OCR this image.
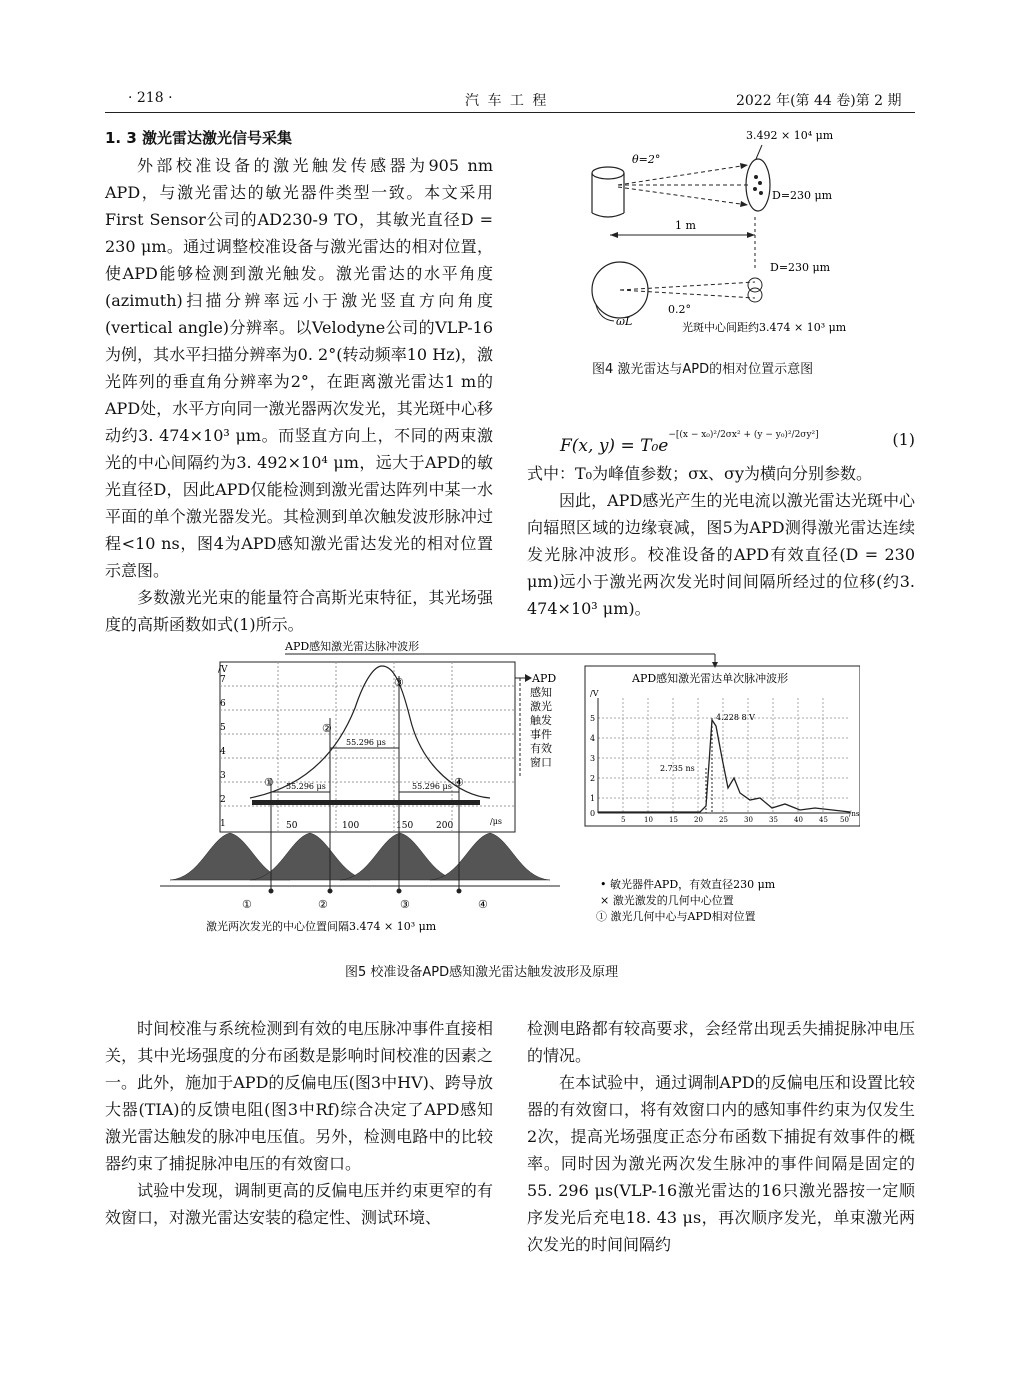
· 218 ·	汽 车 工 程	2022 年(第 44 卷)第 2 期
1. 3 激光雷达激光信号采集

外部校准设备的激光触发传感器为905 nm APD，与激光雷达的敏光器件类型一致。本文采用First Sensor公司的AD230-9 TO，其敏光直径D = 230 μm。通过调整校准设备与激光雷达的相对位置，使APD能够检测到激光触发。激光雷达的水平角度(azimuth)扫描分辨率远小于激光竖直方向角度(vertical angle)分辨率。以Velodyne公司的VLP-16为例，其水平扫描分辨率为0. 2°(转动频率10 Hz)，激光阵列的垂直角分辨率为2°，在距离激光雷达1 m的APD处，水平方向同一激光器两次发光，其光斑中心移动约3. 474×10³ μm。而竖直方向上，不同的两束激光的中心间隔约为3. 492×10⁴ μm，远大于APD的敏光直径D，因此APD仅能检测到激光雷达阵列中某一水平面的单个激光器发光。其检测到单次触发波形脉冲过程<10 ns，图4为APD感知激光雷达发光的相对位置示意图。

多数激光光束的能量符合高斯光束特征，其光场强度的高斯函数如式(1)所示。

3.492 × 10⁴ μm
θ=2°
D=230 μm
1 m
ωL
D=230 μm
0.2°
光斑中心间距约3.474 × 10³ μm
图4 激光雷达与APD的相对位置示意图
F(x, $y) = T_0e^{-[(x - x_0)^2/2\sigma x^2 + (y - y_0)^2/2\sigma y^2]}$	(1)

式中：T₀为峰值参数；σx、σy为横向分别参数。

因此，APD感光产生的光电流以激光雷达光斑中心向辐照区域的边缘衰减，图5为APD测得激光雷达连续发光脉冲波形。校准设备的APD有效直径(D = 230 μm)远小于激光两次发光时间间隔所经过的位移(约3. 474×10³ μm)。

APD感知激光雷达脉冲波形
/V
7
6
5
4
3
2
1
55.296 μs
55.296 μs
55.296 μs
①
②
③
④
50	100	150	200	/μs
APD
感知
激光
触发
事件
有效
窗口
APD感知激光雷达单次脉冲波形
/V
5
4
3
2
1
0
4.228 8 V
2.735 ns
5	10 15 20 25 30 35 40 45 50
/ns
①	②	③	④
激光两次发光的中心位置间隔3.474 × 10³ μm
• 敏光器件APD，有效直径230 μm
× 激光激发的几何中心位置
① 激光几何中心与APD相对位置
图5 校准设备APD感知激光雷达触发波形及原理

时间校准与系统检测到有效的电压脉冲事件直接相关，其中光场强度的分布函数是影响时间校准的因素之一。此外，施加于APD的反偏电压(图3中HV)、跨导放大器(TIA)的反馈电阻(图3中Rf)综合决定了APD感知激光雷达触发的脉冲电压值。另外，检测电路中的比较器约束了捕捉脉冲电压的有效窗口。

试验中发现，调制更高的反偏电压并约束更窄的有效窗口，对激光雷达安装的稳定性、测试环境、

检测电路都有较高要求，会经常出现丢失捕捉脉冲电压的情况。

在本试验中，通过调制APD的反偏电压和设置比较器的有效窗口，将有效窗口内的感知事件约束为仅发生2次，提高光场强度正态分布函数下捕捉有效事件的概率。同时因为激光两次发生脉冲的事件间隔是固定的55. 296 μs(VLP-16激光雷达的16只激光器按一定顺序发光后充电18. 43 μs，再次顺序发光，单束激光两次发光的时间间隔约
